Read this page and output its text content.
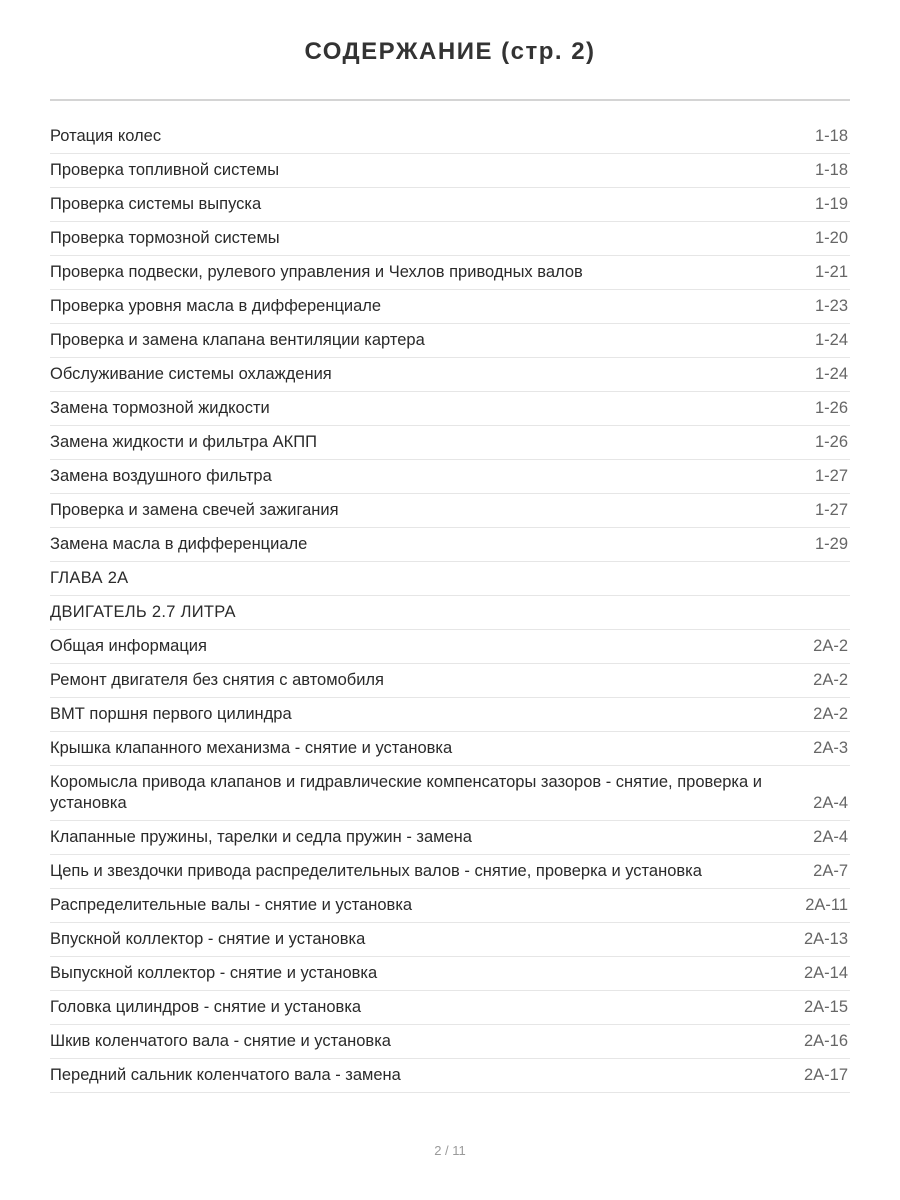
СОДЕРЖАНИЕ (стр. 2)
Ротация колес	1-18
Проверка топливной системы	1-18
Проверка системы выпуска	1-19
Проверка тормозной системы	1-20
Проверка подвески, рулевого управления и Чехлов приводных валов	1-21
Проверка уровня масла в дифференциале	1-23
Проверка и замена клапана вентиляции картера	1-24
Обслуживание системы охлаждения	1-24
Замена тормозной жидкости	1-26
Замена жидкости и фильтра АКПП	1-26
Замена воздушного фильтра	1-27
Проверка и замена свечей зажигания	1-27
Замена масла в дифференциале	1-29
ГЛАВА 2А
ДВИГАТЕЛЬ 2.7 ЛИТРА
Общая информация	2А-2
Ремонт двигателя без снятия с автомобиля	2А-2
ВМТ поршня первого цилиндра	2А-2
Крышка клапанного механизма - снятие и установка	2А-3
Коромысла привода клапанов и гидравлические компенсаторы зазоров - снятие, проверка и установка	2А-4
Клапанные пружины, тарелки и седла пружин - замена	2А-4
Цепь и звездочки привода распределительных валов - снятие, проверка и установка	2А-7
Распределительные валы - снятие и установка	2А-11
Впускной коллектор - снятие и установка	2А-13
Выпускной коллектор - снятие и установка	2А-14
Головка цилиндров - снятие и установка	2А-15
Шкив коленчатого вала - снятие и установка	2А-16
Передний сальник коленчатого вала - замена	2А-17
2 / 11
